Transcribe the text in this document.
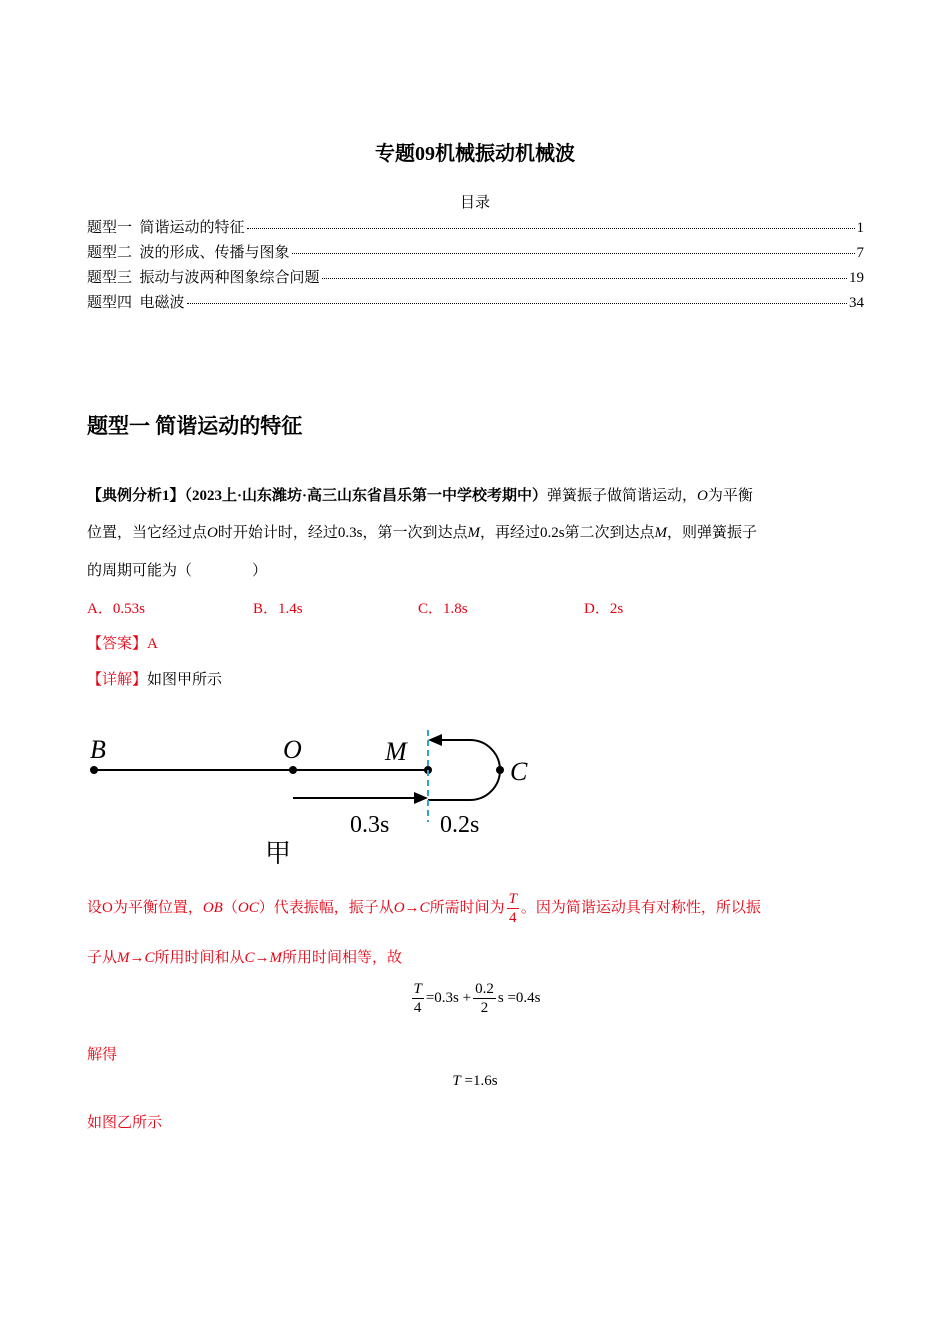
专题09机械振动机械波
目录
题型一  简谐运动的特征	1
题型二  波的形成、传播与图象	7
题型三  振动与波两种图象综合问题	19
题型四  电磁波	34
题型一 简谐运动的特征
【典例分析1】（2023上·山东潍坊·高三山东省昌乐第一中学校考期中）弹簧振子做简谐运动，O为平衡
位置，当它经过点O时开始计时，经过0.3s，第一次到达点M，再经过0.2s第二次到达点M，则弹簧振子
的周期可能为（　　　　）
A．0.53s	B．1.4s	C．1.8s	D．2s
【答案】A
【详解】如图甲所示
B	O	M
C
0.3s 0.2s
甲
设O为平衡位置，OB（OC）代表振幅，振子从O→C所需时间为 $\frac{T}{4}$ 。因为简谐运动具有对称性，所以振
子从M→C所用时间和从C→M所用时间相等，故
$\frac{T}{4} =0.3s + \frac{0.2}{2}$ s =0.4s
解得
T =1.6s
如图乙所示
